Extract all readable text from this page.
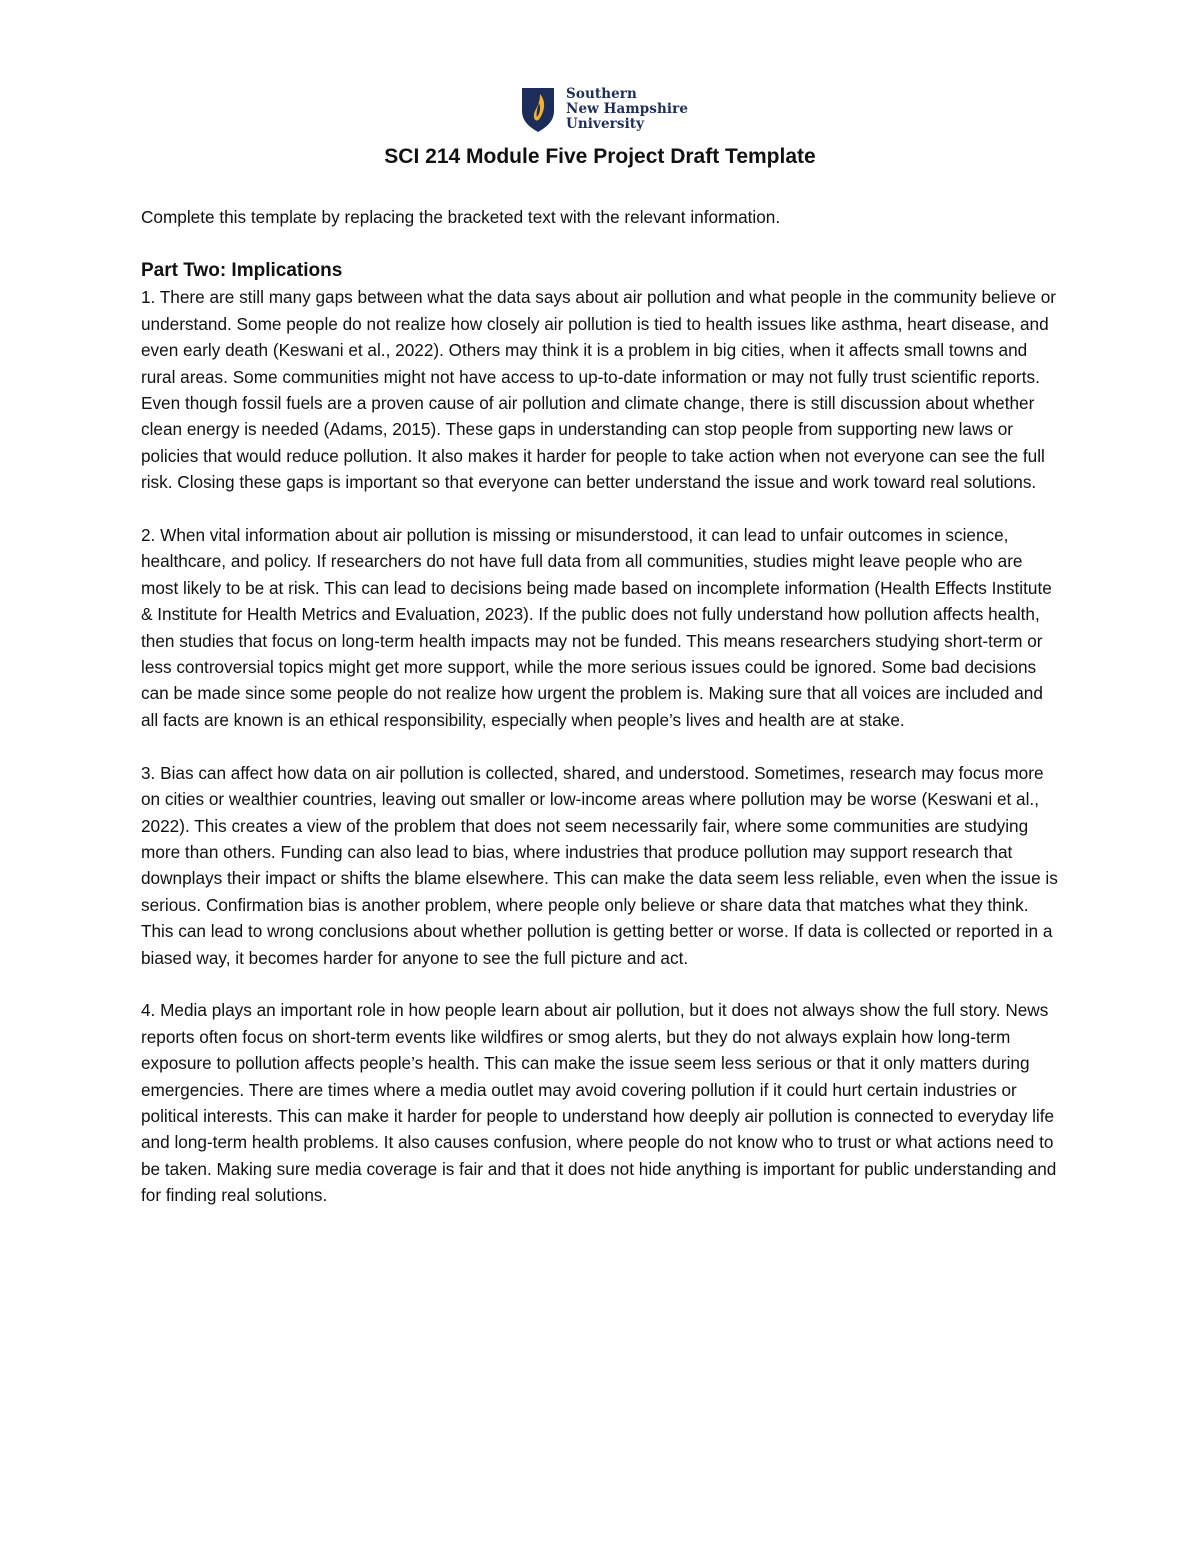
Southern
New Hampshire
University
SCI 214 Module Five Project Draft Template

Complete this template by replacing the bracketed text with the relevant information.

Part Two: Implications

1. There are still many gaps between what the data says about air pollution and what people in the community believe or understand. Some people do not realize how closely air pollution is tied to health issues like asthma, heart disease, and even early death (Keswani et al., 2022). Others may think it is a problem in big cities, when it affects small towns and rural areas. Some communities might not have access to up-to-date information or may not fully trust scientific reports. Even though fossil fuels are a proven cause of air pollution and climate change, there is still discussion about whether clean energy is needed (Adams, 2015). These gaps in understanding can stop people from supporting new laws or policies that would reduce pollution. It also makes it harder for people to take action when not everyone can see the full risk. Closing these gaps is important so that everyone can better understand the issue and work toward real solutions.

2. When vital information about air pollution is missing or misunderstood, it can lead to unfair outcomes in science, healthcare, and policy. If researchers do not have full data from all communities, studies might leave people who are most likely to be at risk. This can lead to decisions being made based on incomplete information (Health Effects Institute & Institute for Health Metrics and Evaluation, 2023). If the public does not fully understand how pollution affects health, then studies that focus on long-term health impacts may not be funded. This means researchers studying short-term or less controversial topics might get more support, while the more serious issues could be ignored. Some bad decisions can be made since some people do not realize how urgent the problem is. Making sure that all voices are included and all facts are known is an ethical responsibility, especially when people’s lives and health are at stake.

3. Bias can affect how data on air pollution is collected, shared, and understood. Sometimes, research may focus more on cities or wealthier countries, leaving out smaller or low-income areas where pollution may be worse (Keswani et al., 2022). This creates a view of the problem that does not seem necessarily fair, where some communities are studying more than others. Funding can also lead to bias, where industries that produce pollution may support research that downplays their impact or shifts the blame elsewhere. This can make the data seem less reliable, even when the issue is serious. Confirmation bias is another problem, where people only believe or share data that matches what they think. This can lead to wrong conclusions about whether pollution is getting better or worse. If data is collected or reported in a biased way, it becomes harder for anyone to see the full picture and act.

4. Media plays an important role in how people learn about air pollution, but it does not always show the full story. News reports often focus on short-term events like wildfires or smog alerts, but they do not always explain how long-term exposure to pollution affects people’s health. This can make the issue seem less serious or that it only matters during emergencies. There are times where a media outlet may avoid covering pollution if it could hurt certain industries or political interests. This can make it harder for people to understand how deeply air pollution is connected to everyday life and long-term health problems. It also causes confusion, where people do not know who to trust or what actions need to be taken. Making sure media coverage is fair and that it does not hide anything is important for public understanding and for finding real solutions.
